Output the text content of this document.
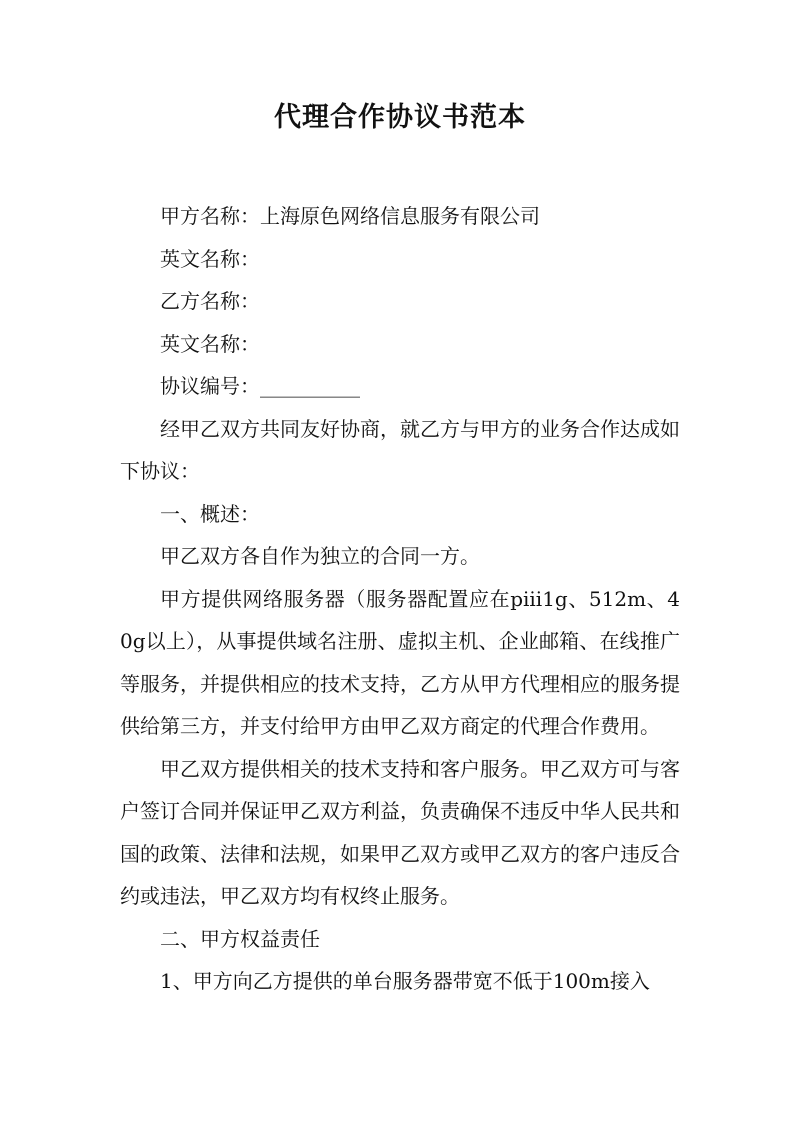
代理合作协议书范本

甲方名称：上海原色网络信息服务有限公司

英文名称：

乙方名称：

英文名称：

协议编号：__________

经甲乙双方共同友好协商，就乙方与甲方的业务合作达成如下协议：

一、概述：

甲乙双方各自作为独立的合同一方。

甲方提供网络服务器（服务器配置应在piii1g、512m、40g以上），从事提供域名注册、虚拟主机、企业邮箱、在线推广等服务，并提供相应的技术支持，乙方从甲方代理相应的服务提供给第三方，并支付给甲方由甲乙双方商定的代理合作费用。

甲乙双方提供相关的技术支持和客户服务。甲乙双方可与客户签订合同并保证甲乙双方利益，负责确保不违反中华人民共和国的政策、法律和法规，如果甲乙双方或甲乙双方的客户违反合约或违法，甲乙双方均有权终止服务。

二、甲方权益责任

1、甲方向乙方提供的单台服务器带宽不低于100m接入
